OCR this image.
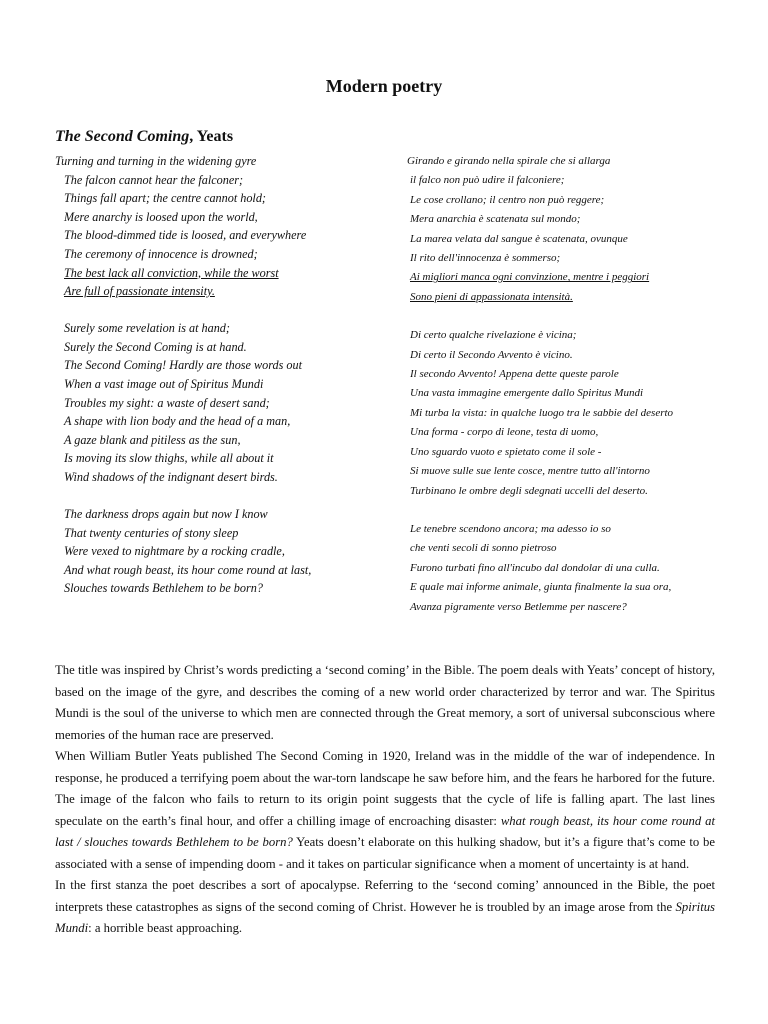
Modern poetry
The Second Coming, Yeats
Turning and turning in the widening gyre
The falcon cannot hear the falconer;
Things fall apart; the centre cannot hold;
Mere anarchy is loosed upon the world,
The blood-dimmed tide is loosed, and everywhere
The ceremony of innocence is drowned;
The best lack all conviction, while the worst
Are full of passionate intensity.
Surely some revelation is at hand;
Surely the Second Coming is at hand.
The Second Coming! Hardly are those words out
When a vast image out of Spiritus Mundi
Troubles my sight: a waste of desert sand;
A shape with lion body and the head of a man,
A gaze blank and pitiless as the sun,
Is moving its slow thighs, while all about it
Wind shadows of the indignant desert birds.
The darkness drops again but now I know
That twenty centuries of stony sleep
Were vexed to nightmare by a rocking cradle,
And what rough beast, its hour come round at last,
Slouches towards Bethlehem to be born?
Girando e girando nella spirale che si allarga
il falco non può udire il falconiere;
Le cose crollano; il centro non può reggere;
Mera anarchia è scatenata sul mondo;
La marea velata dal sangue è scatenata, ovunque
Il rito dell'innocenza è sommerso;
Ai migliori manca ogni convinzione, mentre i peggiori
Sono pieni di appassionata intensità.
Di certo qualche rivelazione è vicina;
Di certo il Secondo Avvento è vicino.
Il secondo Avvento! Appena dette queste parole
Una vasta immagine emergente dallo Spiritus Mundi
Mi turba la vista: in qualche luogo tra le sabbie del deserto
Una forma - corpo di leone, testa di uomo,
Uno sguardo vuoto e spietato come il sole -
Si muove sulle sue lente cosce, mentre tutto all'intorno
Turbinano le ombre degli sdegnati uccelli del deserto.
Le tenebre scendono ancora; ma adesso io so
che venti secoli di sonno pietroso
Furono turbati fino all'incubo dal dondolar di una culla.
E quale mai informe animale, giunta finalmente la sua ora,
Avanza pigramente verso Betlemme per nascere?

The title was inspired by Christ’s words predicting a ‘second coming’ in the Bible. The poem deals with Yeats’ concept of history, based on the image of the gyre, and describes the coming of a new world order characterized by terror and war. The Spiritus Mundi is the soul of the universe to which men are connected through the Great memory, a sort of universal subconscious where memories of the human race are preserved.

When William Butler Yeats published The Second Coming in 1920, Ireland was in the middle of the war of independence. In response, he produced a terrifying poem about the war-torn landscape he saw before him, and the fears he harbored for the future. The image of the falcon who fails to return to its origin point suggests that the cycle of life is falling apart. The last lines speculate on the earth’s final hour, and offer a chilling image of encroaching disaster: what rough beast, its hour come round at last / slouches towards Bethlehem to be born? Yeats doesn’t elaborate on this hulking shadow, but it’s a figure that’s come to be associated with a sense of impending doom - and it takes on particular significance when a moment of uncertainty is at hand.

In the first stanza the poet describes a sort of apocalypse. Referring to the ‘second coming’ announced in the Bible, the poet interprets these catastrophes as signs of the second coming of Christ. However he is troubled by an image arose from the Spiritus Mundi: a horrible beast approaching.
